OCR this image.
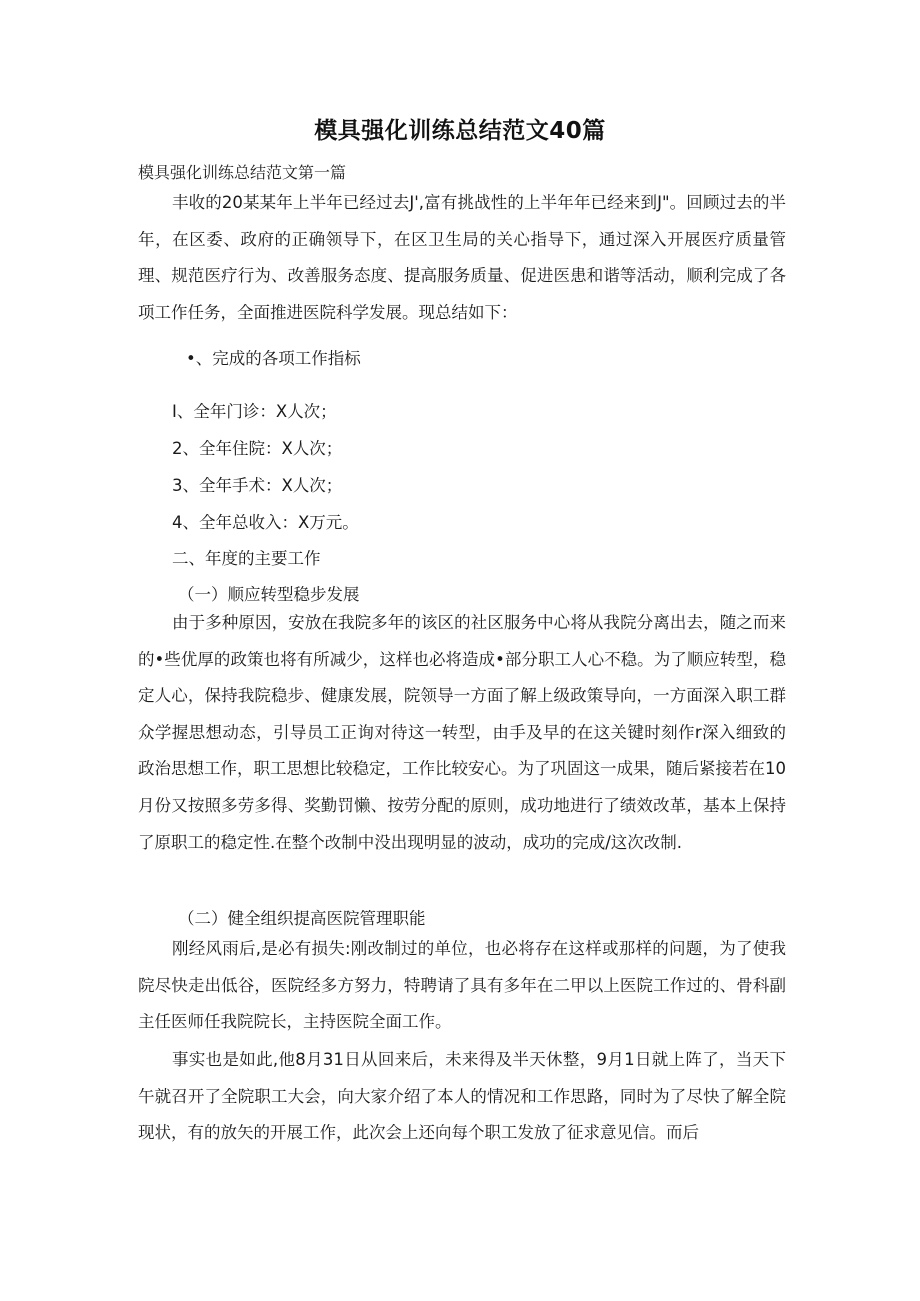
模具强化训练总结范文40篇
模具强化训练总结范文第一篇

丰收的20某某年上半年已经过去J',富有挑战性的上半年年已经来到J"。回顾过去的半年，在区委、政府的正确领导下，在区卫生局的关心指导下，通过深入开展医疗质量管理、规范医疗行为、改善服务态度、提高服务质量、促进医患和谐等活动，顺利完成了各项工作任务，全面推进医院科学发展。现总结如下：

•、完成的各项工作指标
I、全年门诊：X人次；
2、全年住院：X人次；
3、全年手术：X人次；
4、全年总收入：X万元。
二、年度的主要工作
（一）顺应转型稳步发展

由于多种原因，安放在我院多年的该区的社区服务中心将从我院分离出去，随之而来的•些优厚的政策也将有所减少，这样也必将造成•部分职工人心不稳。为了顺应转型，稳定人心，保持我院稳步、健康发展，院领导一方面了解上级政策导向，一方面深入职工群众学握思想动态，引导员工正询对待这一转型，由手及早的在这关键时刻作r深入细致的政治思想工作，职工思想比较稳定，工作比较安心。为了巩固这一成果，随后紧接若在10月份又按照多劳多得、奖勤罚懒、按劳分配的原则，成功地进行了绩效改革，基本上保持了原职工的稳定性.在整个改制中没出现明显的波动，成功的完成/这次改制.

（二）健全组织提高医院管理职能

刚经风雨后,是必有损失:刚改制过的单位，也必将存在这样或那样的问题，为了使我院尽快走出低谷，医院经多方努力，特聘请了具有多年在二甲以上医院工作过的、骨科副主任医师任我院院长，主持医院全面工作。

事实也是如此,他8月31日从回来后，未来得及半天休整，9月1日就上阵了，当天下午就召开了全院职工大会，向大家介绍了本人的情况和工作思路，同时为了尽快了解全院现状，有的放矢的开展工作，此次会上还向每个职工发放了征求意见信。而后
